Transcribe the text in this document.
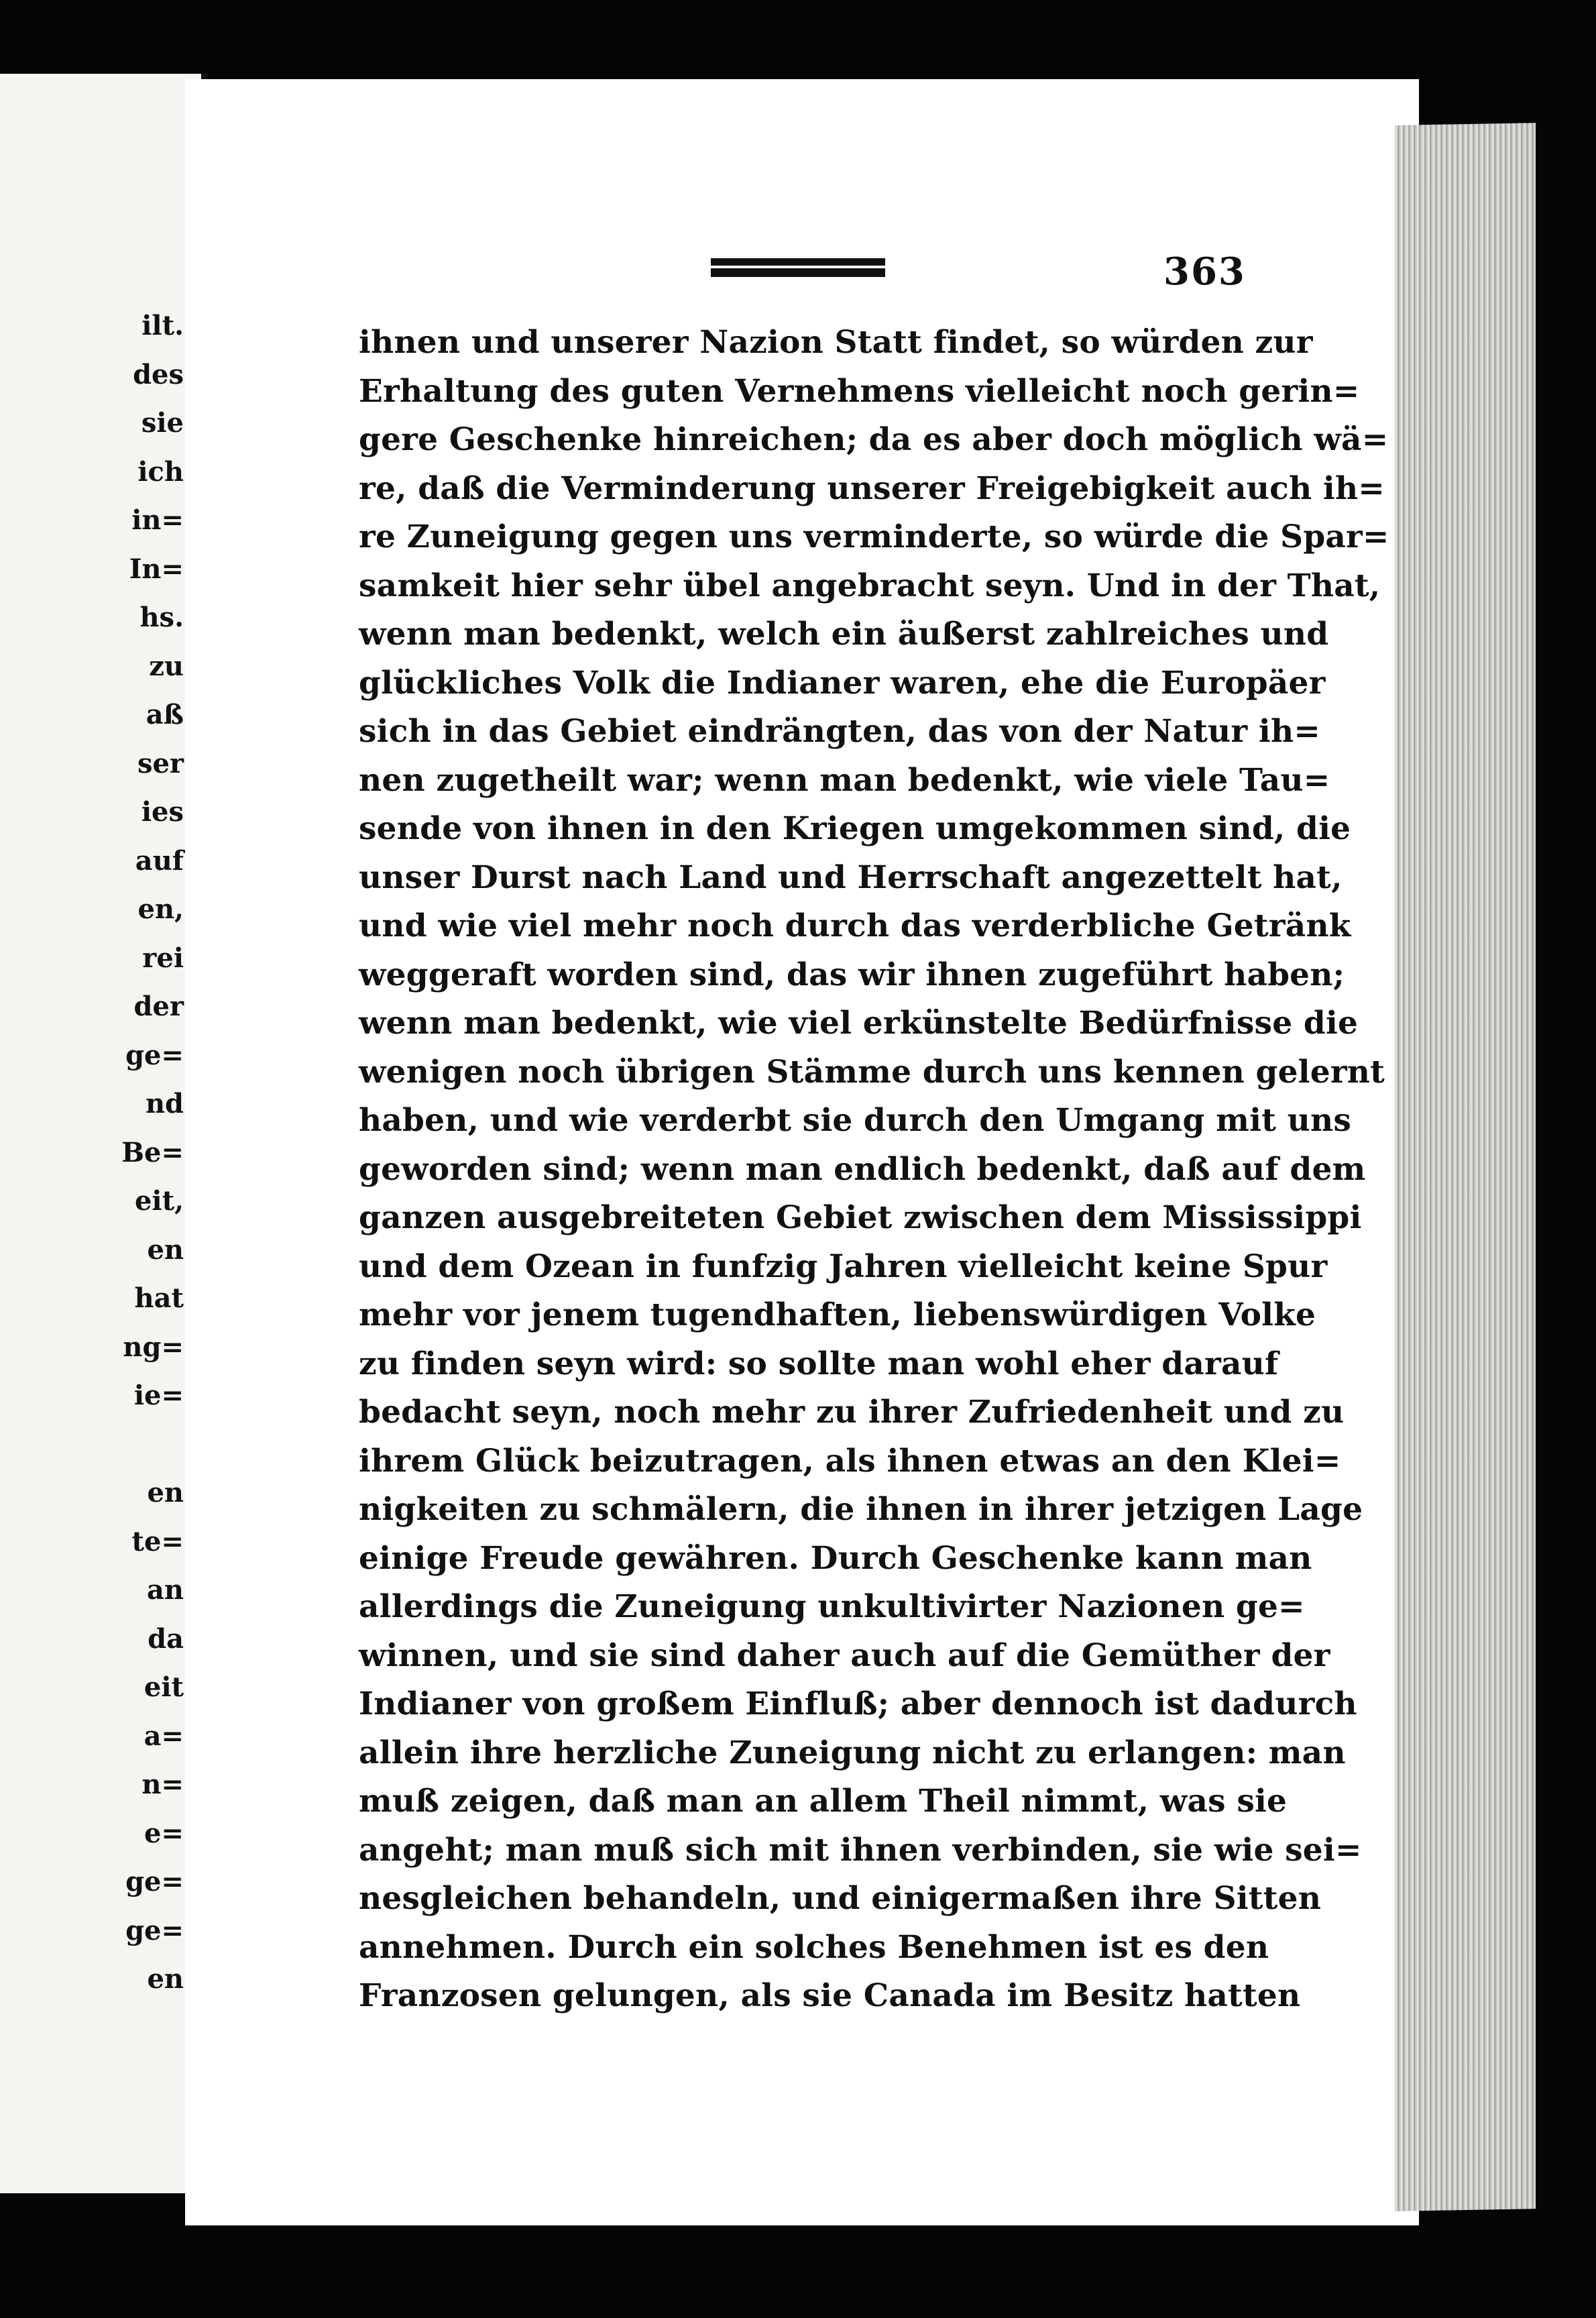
ilt.
des
sie
ich
in=
In=
hs.
zu
aß
ser
ies
auf
en,
rei
der
ge=
nd
Be=
eit,
en
hat
ng=
ie=
en
te=
an
da
eit
a=
n=
e=
ge=
ge=
en
363
ihnen und unserer Nazion Statt findet, so würden zur
Erhaltung des guten Vernehmens vielleicht noch gerin=
gere Geschenke hinreichen; da es aber doch möglich wä=
re, daß die Verminderung unserer Freigebigkeit auch ih=
re Zuneigung gegen uns verminderte, so würde die Spar=
samkeit hier sehr übel angebracht seyn. Und in der That,
wenn man bedenkt, welch ein äußerst zahlreiches und
glückliches Volk die Indianer waren, ehe die Europäer
sich in das Gebiet eindrängten, das von der Natur ih=
nen zugetheilt war; wenn man bedenkt, wie viele Tau=
sende von ihnen in den Kriegen umgekommen sind, die
unser Durst nach Land und Herrschaft angezettelt hat,
und wie viel mehr noch durch das verderbliche Getränk
weggeraft worden sind, das wir ihnen zugeführt haben;
wenn man bedenkt, wie viel erkünstelte Bedürfnisse die
wenigen noch übrigen Stämme durch uns kennen gelernt
haben, und wie verderbt sie durch den Umgang mit uns
geworden sind; wenn man endlich bedenkt, daß auf dem
ganzen ausgebreiteten Gebiet zwischen dem Mississippi
und dem Ozean in funfzig Jahren vielleicht keine Spur
mehr vor jenem tugendhaften, liebenswürdigen Volke
zu finden seyn wird: so sollte man wohl eher darauf
bedacht seyn, noch mehr zu ihrer Zufriedenheit und zu
ihrem Glück beizutragen, als ihnen etwas an den Klei=
nigkeiten zu schmälern, die ihnen in ihrer jetzigen Lage
einige Freude gewähren. Durch Geschenke kann man
allerdings die Zuneigung unkultivirter Nazionen ge=
winnen, und sie sind daher auch auf die Gemüther der
Indianer von großem Einfluß; aber dennoch ist dadurch
allein ihre herzliche Zuneigung nicht zu erlangen: man
muß zeigen, daß man an allem Theil nimmt, was sie
angeht; man muß sich mit ihnen verbinden, sie wie sei=
nesgleichen behandeln, und einigermaßen ihre Sitten
annehmen. Durch ein solches Benehmen ist es den
Franzosen gelungen, als sie Canada im Besitz hatten
